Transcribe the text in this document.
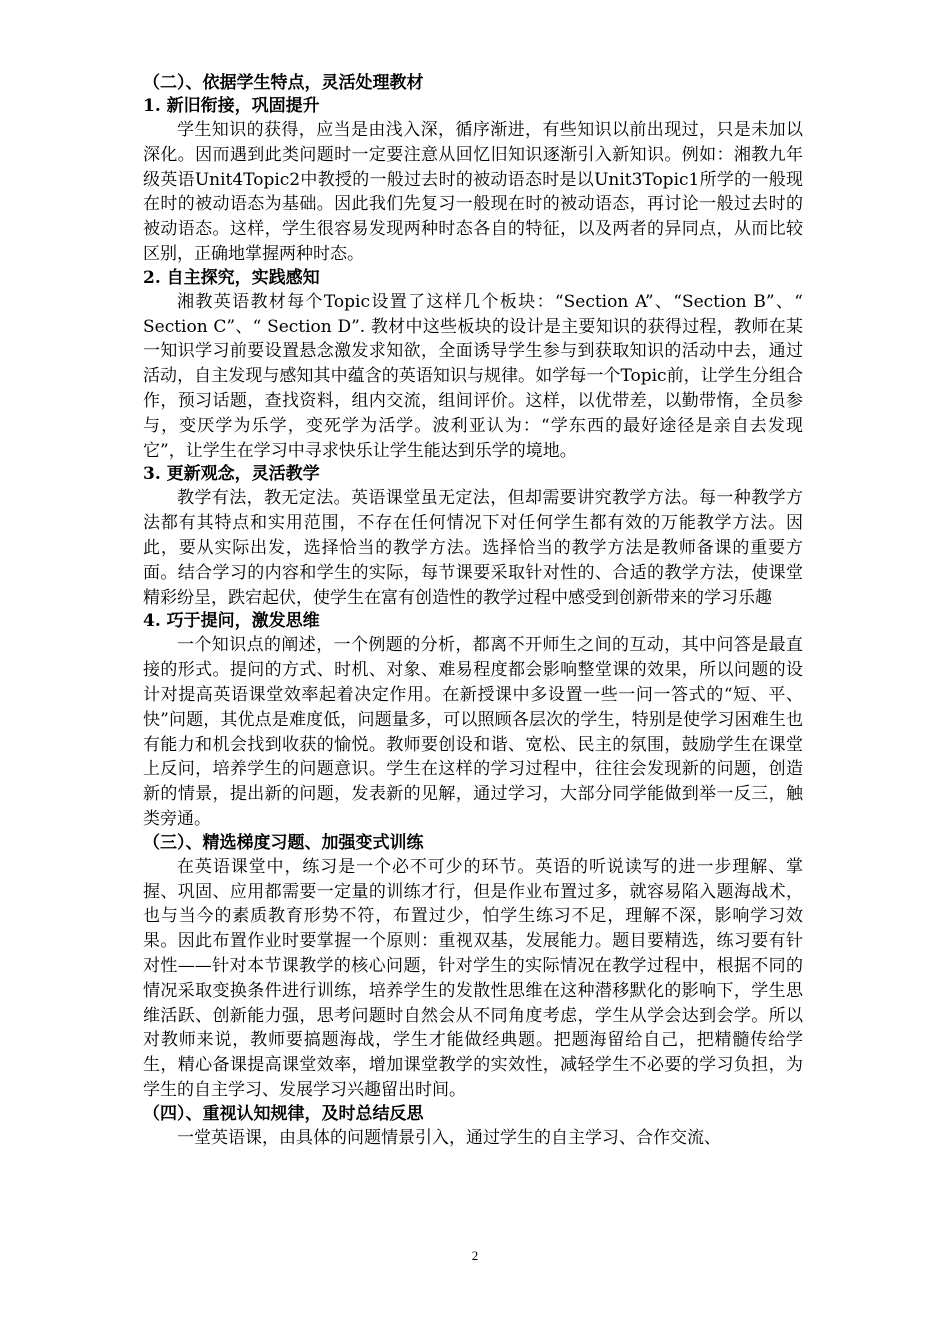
（二）、依据学生特点，灵活处理教材
1. 新旧衔接，巩固提升

学生知识的获得，应当是由浅入深，循序渐进，有些知识以前出现过，只是未加以深化。因而遇到此类问题时一定要注意从回忆旧知识逐渐引入新知识。例如：湘教九年级英语Unit4Topic2中教授的一般过去时的被动语态时是以Unit3Topic1所学的一般现在时的被动语态为基础。因此我们先复习一般现在时的被动语态，再讨论一般过去时的被动语态。这样，学生很容易发现两种时态各自的特征，以及两者的异同点，从而比较区别，正确地掌握两种时态。

2. 自主探究，实践感知

湘教英语教材每个Topic设置了这样几个板块：“Section A”、“Section B”、“ Section C”、“ Section D”. 教材中这些板块的设计是主要知识的获得过程，教师在某一知识学习前要设置悬念激发求知欲，全面诱导学生参与到获取知识的活动中去，通过活动，自主发现与感知其中蕴含的英语知识与规律。如学每一个Topic前，让学生分组合作，预习话题，查找资料，组内交流，组间评价。这样，以优带差，以勤带惰，全员参与，变厌学为乐学，变死学为活学。波利亚认为：“学东西的最好途径是亲自去发现它”，让学生在学习中寻求快乐让学生能达到乐学的境地。

3. 更新观念，灵活教学

教学有法，教无定法。英语课堂虽无定法，但却需要讲究教学方法。每一种教学方法都有其特点和实用范围，不存在任何情况下对任何学生都有效的万能教学方法。因此，要从实际出发，选择恰当的教学方法。选择恰当的教学方法是教师备课的重要方面。结合学习的内容和学生的实际，每节课要采取针对性的、合适的教学方法，使课堂精彩纷呈，跌宕起伏，使学生在富有创造性的教学过程中感受到创新带来的学习乐趣

4. 巧于提问，激发思维

一个知识点的阐述，一个例题的分析，都离不开师生之间的互动，其中问答是最直接的形式。提问的方式、时机、对象、难易程度都会影响整堂课的效果，所以问题的设计对提高英语课堂效率起着决定作用。在新授课中多设置一些一问一答式的“短、平、快”问题，其优点是难度低，问题量多，可以照顾各层次的学生，特别是使学习困难生也有能力和机会找到收获的愉悦。教师要创设和谐、宽松、民主的氛围，鼓励学生在课堂上反问，培养学生的问题意识。学生在这样的学习过程中，往往会发现新的问题，创造新的情景，提出新的问题，发表新的见解，通过学习，大部分同学能做到举一反三，触类旁通。

（三）、精选梯度习题、加强变式训练

在英语课堂中，练习是一个必不可少的环节。英语的听说读写的进一步理解、掌握、巩固、应用都需要一定量的训练才行，但是作业布置过多，就容易陷入题海战术，也与当今的素质教育形势不符，布置过少，怕学生练习不足，理解不深，影响学习效果。因此布置作业时要掌握一个原则：重视双基，发展能力。题目要精选，练习要有针对性——针对本节课教学的核心问题，针对学生的实际情况在教学过程中，根据不同的情况采取变换条件进行训练，培养学生的发散性思维在这种潜移默化的影响下，学生思维活跃、创新能力强，思考问题时自然会从不同角度考虑，学生从学会达到会学。所以对教师来说，教师要搞题海战，学生才能做经典题。把题海留给自己，把精髓传给学生，精心备课提高课堂效率，增加课堂教学的实效性，减轻学生不必要的学习负担，为学生的自主学习、发展学习兴趣留出时间。

（四）、重视认知规律，及时总结反思

一堂英语课，由具体的问题情景引入，通过学生的自主学习、合作交流、

2
